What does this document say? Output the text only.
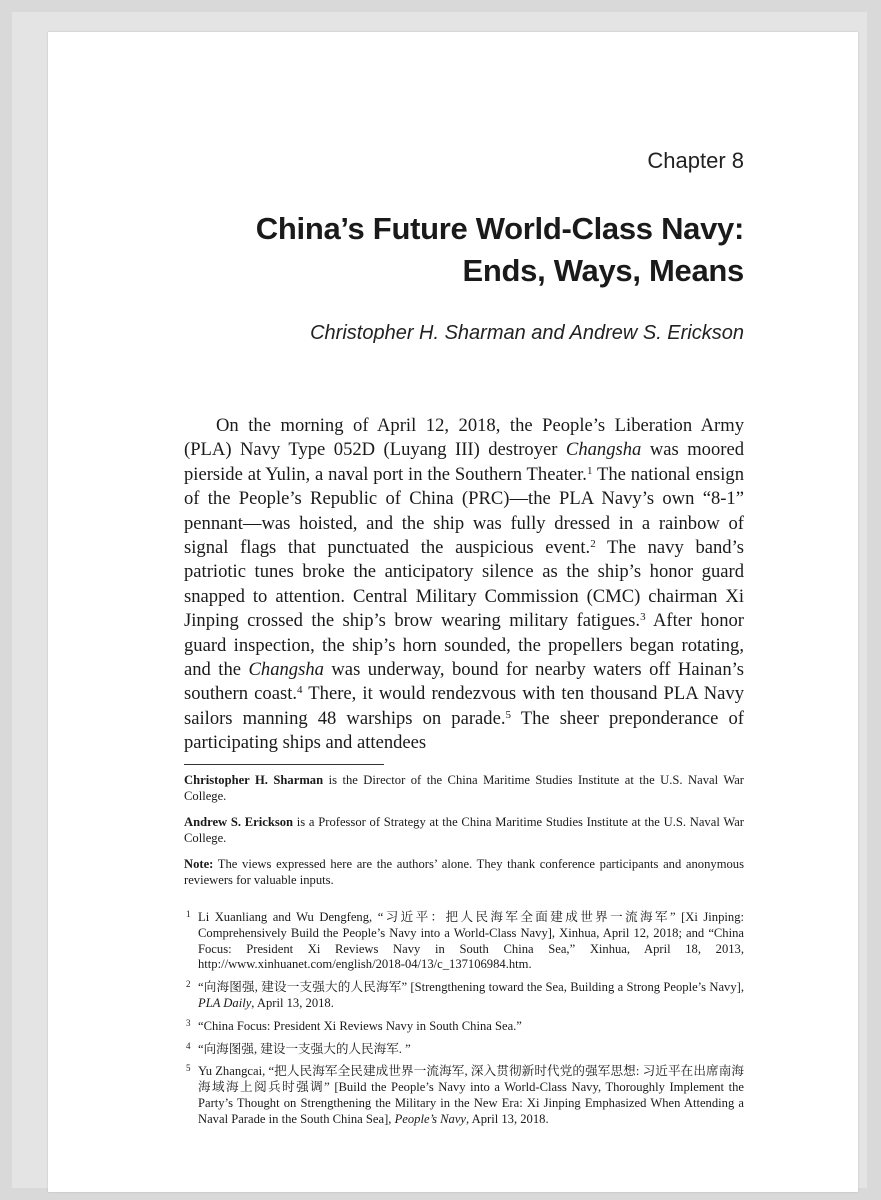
Chapter 8

China’s Future World-Class Navy:
Ends, Ways, Means

Christopher H. Sharman and Andrew S. Erickson

On the morning of April 12, 2018, the People’s Liberation Army (PLA) Navy Type 052D (Luyang III) destroyer Changsha was moored pierside at Yulin, a naval port in the Southern Theater.$^1$ The national ensign of the People’s Republic of China (PRC)—the PLA Navy’s own “8-1” pennant—was hoisted, and the ship was fully dressed in a rainbow of signal flags that punctuated the auspicious event.$^2$ The navy band’s patriotic tunes broke the anticipatory silence as the ship’s honor guard snapped to attention. Central Military Commission (CMC) chairman Xi Jinping crossed the ship’s brow wearing military fatigues.$^3$ After honor guard inspection, the ship’s horn sounded, the propellers began rotating, and the Changsha was underway, bound for nearby waters off Hainan’s southern coast.$^4$ There, it would rendezvous with ten thousand PLA Navy sailors manning 48 warships on parade.$^5$ The sheer preponderance of participating ships and attendees

Christopher H. Sharman is the Director of the China Maritime Studies Institute at the U.S. Naval War College.

Andrew S. Erickson is a Professor of Strategy at the China Maritime Studies Institute at the U.S. Naval War College.

Note: The views expressed here are the authors’ alone. They thank conference participants and anonymous reviewers for valuable inputs.

1 Li Xuanliang and Wu Dengfeng, “习近平：把人民海军全面建成世界一流海军” [Xi Jinping: Comprehensively Build the People’s Navy into a World-Class Navy], Xinhua, April 12, 2018; and “China Focus: President Xi Reviews Navy in South China Sea,” Xinhua, April 18, 2013, http://www.xinhuanet.com/english/2018-04/13/c_137106984.htm.

2 “向海图强, 建设一支强大的人民海军” [Strengthening toward the Sea, Building a Strong People’s Navy], PLA Daily, April 13, 2018.

3 “China Focus: President Xi Reviews Navy in South China Sea.”

4 “向海图强, 建设一支强大的人民海军. ”

5 Yu Zhangcai, “把人民海军全民建成世界一流海军, 深入贯彻新时代党的强军思想: 习近平在出席南海海域海上阅兵时强调” [Build the People’s Navy into a World-Class Navy, Thoroughly Implement the Party’s Thought on Strengthening the Military in the New Era: Xi Jinping Emphasized When Attending a Naval Parade in the South China Sea], People’s Navy, April 13, 2018.
